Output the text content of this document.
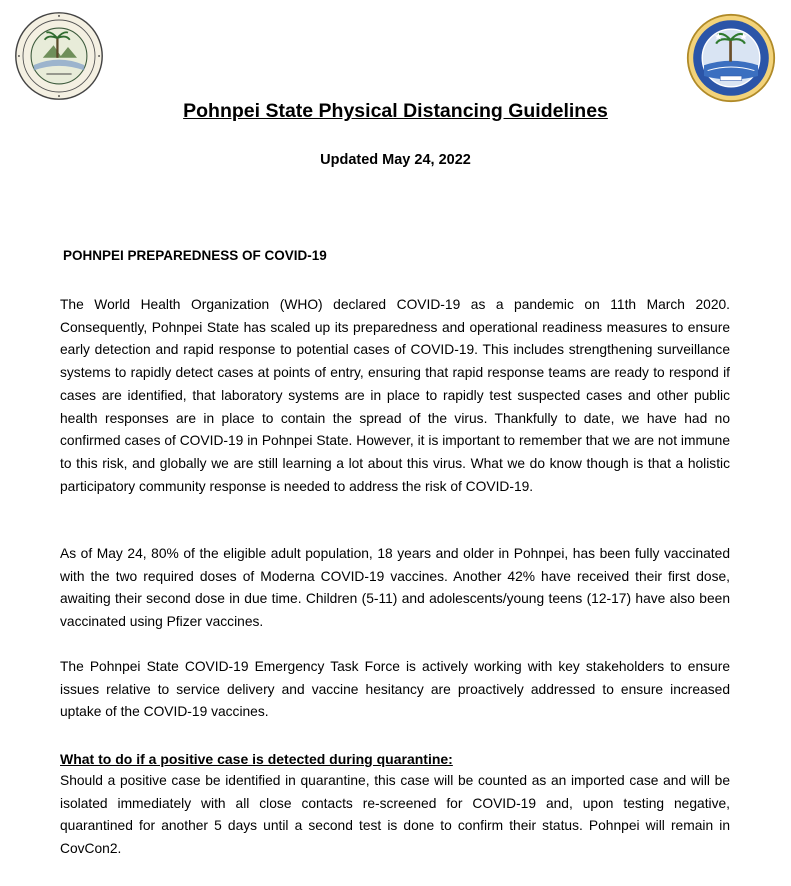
Pohnpei State Physical Distancing Guidelines
Updated May 24, 2022
POHNPEI PREPAREDNESS OF COVID-19
The World Health Organization (WHO) declared COVID-19 as a pandemic on 11th March 2020. Consequently, Pohnpei State has scaled up its preparedness and operational readiness measures to ensure early detection and rapid response to potential cases of COVID-19. This includes strengthening surveillance systems to rapidly detect cases at points of entry, ensuring that rapid response teams are ready to respond if cases are identified, that laboratory systems are in place to rapidly test suspected cases and other public health responses are in place to contain the spread of the virus. Thankfully to date, we have had no confirmed cases of COVID-19 in Pohnpei State. However, it is important to remember that we are not immune to this risk, and globally we are still learning a lot about this virus. What we do know though is that a holistic participatory community response is needed to address the risk of COVID-19.
As of May 24, 80% of the eligible adult population, 18 years and older in Pohnpei, has been fully vaccinated with the two required doses of Moderna COVID-19 vaccines. Another 42% have received their first dose, awaiting their second dose in due time. Children (5-11) and adolescents/young teens (12-17) have also been vaccinated using Pfizer vaccines.
The Pohnpei State COVID-19 Emergency Task Force is actively working with key stakeholders to ensure issues relative to service delivery and vaccine hesitancy are proactively addressed to ensure increased uptake of the COVID-19 vaccines.
What to do if a positive case is detected during quarantine:
Should a positive case be identified in quarantine, this case will be counted as an imported case and will be isolated immediately with all close contacts re-screened for COVID-19 and, upon testing negative, quarantined for another 5 days until a second test is done to confirm their status. Pohnpei will remain in CovCon2.
